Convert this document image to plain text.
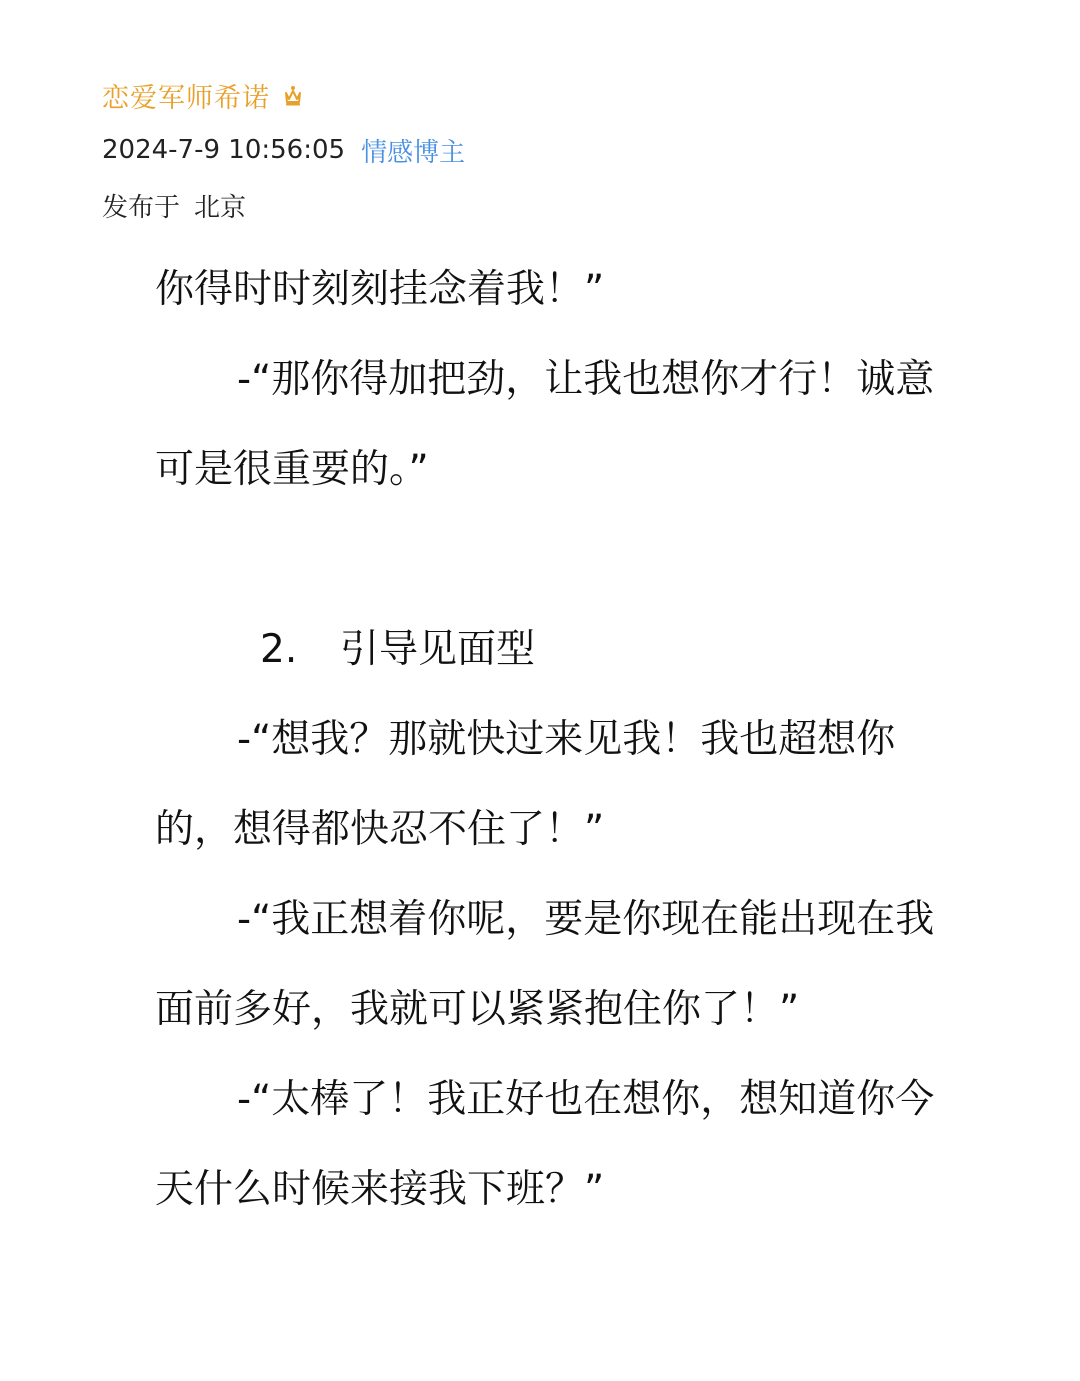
恋爱军师希诺
2024-7-9 10:56:05 情感博主
发布于 北京

你得时时刻刻挂念着我！”

-“那你得加把劲，让我也想你才行！诚意可是很重要的。”

2. 引导见面型

-“想我？那就快过来见我！我也超想你的，想得都快忍不住了！”

-“我正想着你呢，要是你现在能出现在我面前多好，我就可以紧紧抱住你了！”

-“太棒了！我正好也在想你，想知道你今天什么时候来接我下班？”
